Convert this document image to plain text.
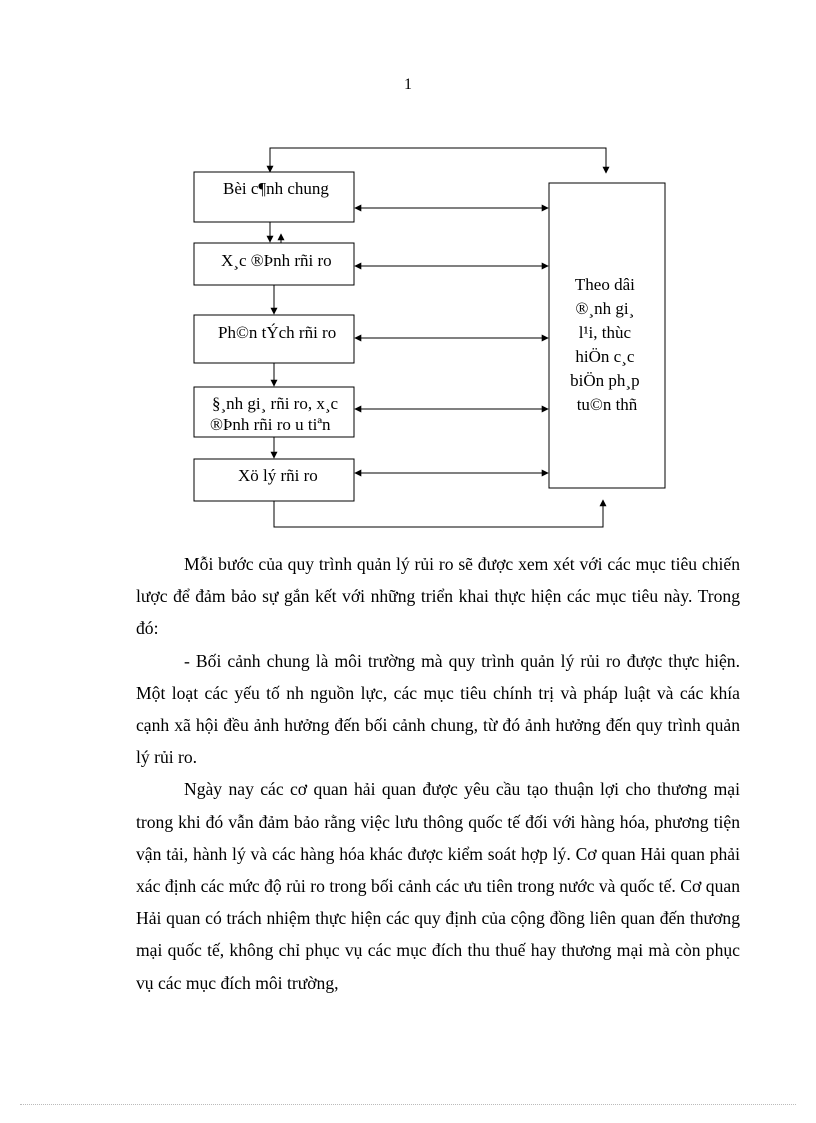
1
Bèi c¶nh chung
X¸c ®Þnh rñi ro
Ph©n tÝch rñi ro
§¸nh gi¸ rñi ro, x¸c ®Þnh rñi ro u tiªn
Xö lý rñi ro
Theo dâi ®¸nh gi¸ l¹i, thùc hiÖn c¸c biÖn ph¸p tu©n thñ

Mỗi bước của quy trình quản lý rủi ro sẽ được xem xét với các mục tiêu chiến lược để đảm bảo sự gắn kết với những triển khai thực hiện các mục tiêu này. Trong đó:

- Bối cảnh chung là môi trường mà quy trình quản lý rủi ro được thực hiện. Một loạt các yếu tố nh nguồn lực, các mục tiêu chính trị và pháp luật và các khía cạnh xã hội đều ảnh hưởng đến bối cảnh chung, từ đó ảnh hưởng đến quy trình quản lý rủi ro.

Ngày nay các cơ quan hải quan được yêu cầu tạo thuận lợi cho thương mại trong khi đó vẫn đảm bảo rằng việc lưu thông quốc tế đối với hàng hóa, phương tiện vận tải, hành lý và các hàng hóa khác được kiểm soát hợp lý. Cơ quan Hải quan phải xác định các mức độ rủi ro trong bối cảnh các ưu tiên trong nước và quốc tế. Cơ quan Hải quan có trách nhiệm thực hiện các quy định của cộng đồng liên quan đến thương mại quốc tế, không chỉ phục vụ các mục đích thu thuế hay thương mại mà còn phục vụ các mục đích môi trường,
